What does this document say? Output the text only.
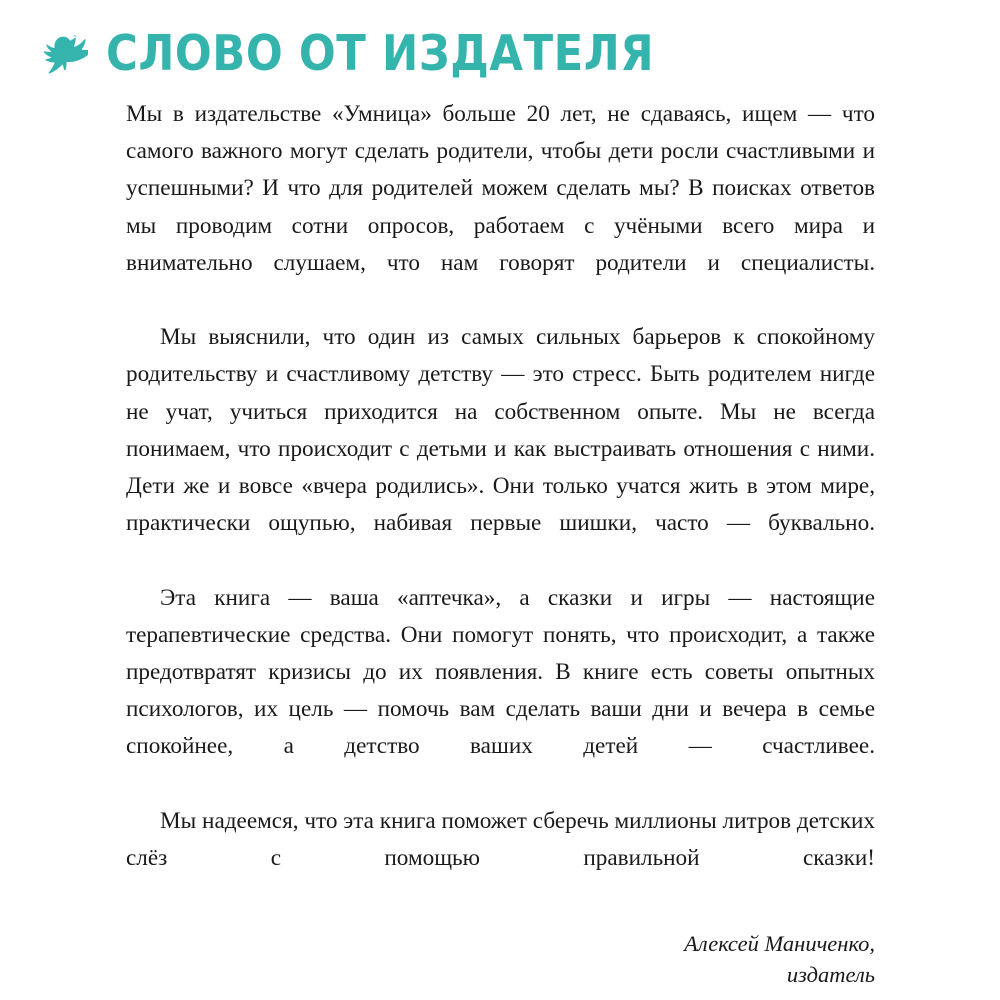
СЛОВО ОТ ИЗДАТЕЛЯ

Мы в издательстве «Умница» больше 20 лет, не сдаваясь, ищем — что самого важного могут сделать родители, чтобы дети росли счастливыми и успешными? И что для родителей можем сделать мы? В поисках ответов мы проводим сотни опросов, работаем с учёными всего мира и внимательно слушаем, что нам говорят родители и специалисты.

Мы выяснили, что один из самых сильных барьеров к спокойному родительству и счастливому детству — это стресс. Быть родителем нигде не учат, учиться приходится на собственном опыте. Мы не всегда понимаем, что происходит с детьми и как выстраивать отношения с ними. Дети же и вовсе «вчера родились». Они только учатся жить в этом мире, практически ощупью, набивая первые шишки, часто — буквально.

Эта книга — ваша «аптечка», а сказки и игры — настоящие терапевтические средства. Они помогут понять, что происходит, а также предотвратят кризисы до их появления. В книге есть советы опытных психологов, их цель — помочь вам сделать ваши дни и вечера в семье спокойнее, а детство ваших детей — счастливее.

Мы надеемся, что эта книга поможет сберечь миллионы литров детских слёз с помощью правильной сказки!

Алексей Маниченко,
издатель
